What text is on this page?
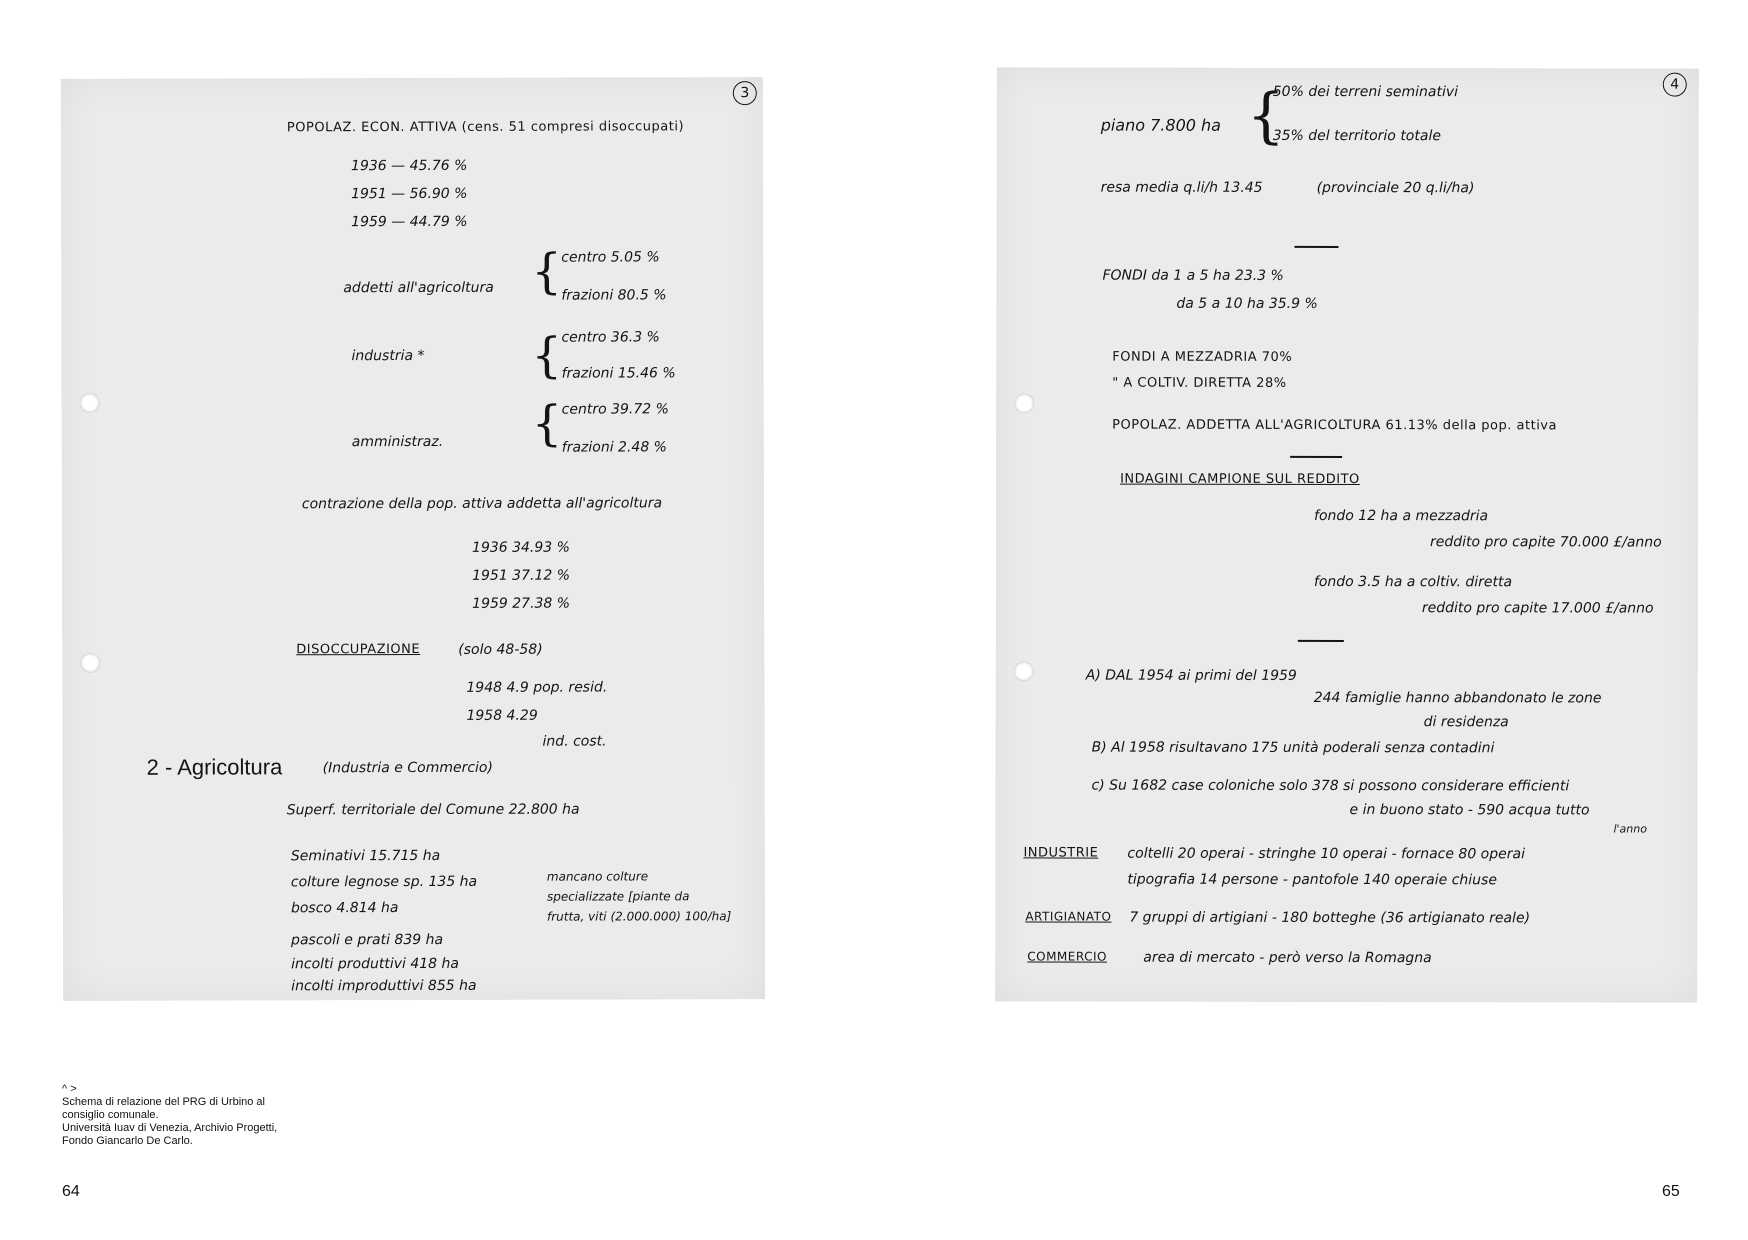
3
POPOLAZ. ECON. ATTIVA (cens. 51 compresi disoccupati)
1936 — 45.76 %
1951 — 56.90 %
1959 — 44.79 %
addetti all'agricoltura { centro 5.05 %
frazioni 80.5 %
industria * { centro 36.3 %
frazioni 15.46 %
amministraz. { centro 39.72 %
frazioni 2.48 %
contrazione della pop. attiva addetta all'agricoltura
1936 34.93 %
1951 37.12 %
1959 27.38 %
DISOCCUPAZIONE	(solo 48-58)
1948 4.9 pop. resid.
1958 4.29
ind. cost.
2 - Agricoltura	(Industria e Commercio)
Superf. territoriale del Comune 22.800 ha
Seminativi 15.715 ha
colture legnose sp. 135 ha
bosco 4.814 ha
pascoli e prati 839 ha
incolti produttivi 418 ha
incolti improduttivi 855 ha
mancano colture
specializzate [piante da
frutta, viti (2.000.000) 100/ha]
^ >
Schema di relazione del PRG di Urbino al
consiglio comunale.
Università Iuav di Venezia, Archivio Progetti,
Fondo Giancarlo De Carlo.
64
4
piano 7.800 ha {
50% dei terreni seminativi
35% del territorio totale
resa media q.li/h 13.45	(provinciale 20 q.li/ha)
FONDI da 1 a 5 ha 23.3 %
da 5 a 10 ha 35.9 %
FONDI A MEZZADRIA 70%
" A COLTIV. DIRETTA 28%
POPOLAZ. ADDETTA ALL'AGRICOLTURA 61.13% della pop. attiva
INDAGINI CAMPIONE SUL REDDITO
fondo 12 ha a mezzadria
reddito pro capite 70.000 £/anno
fondo 3.5 ha a coltiv. diretta
reddito pro capite 17.000 £/anno
A) DAL 1954 ai primi del 1959
244 famiglie hanno abbandonato le zone
di residenza
B) Al 1958 risultavano 175 unità poderali senza contadini
c) Su 1682 case coloniche solo 378 si possono considerare efficienti
e in buono stato - 590 acqua tutto
l'anno
INDUSTRIE coltelli 20 operai - stringhe 10 operai - fornace 80 operai
tipografia 14 persone - pantofole 140 operaie chiuse
ARTIGIANATO 7 gruppi di artigiani - 180 botteghe (36 artigianato reale)
COMMERCIO	area di mercato - però verso la Romagna
65
